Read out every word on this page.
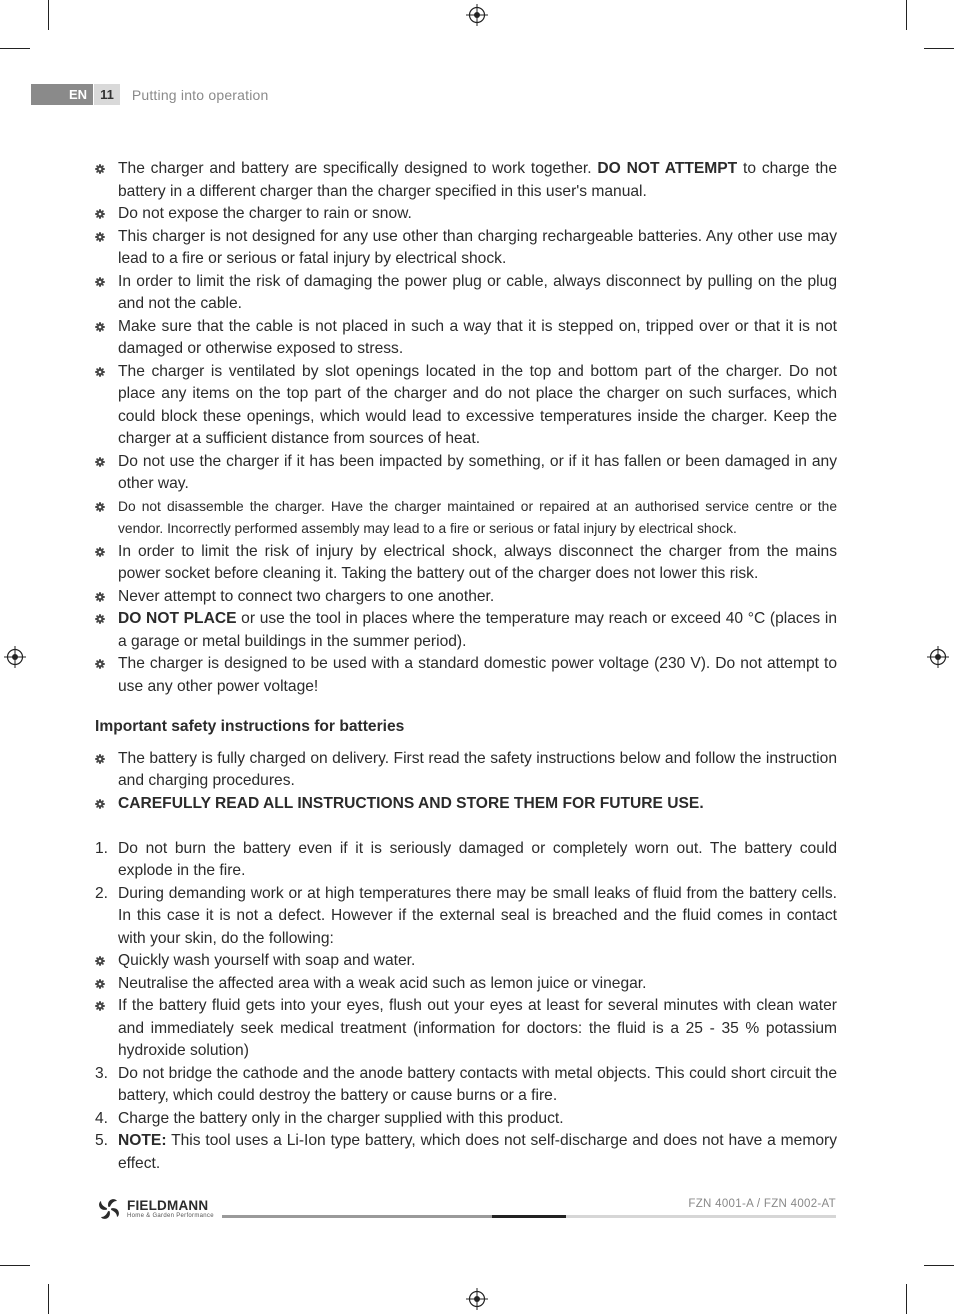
EN	11	Putting into operation
The charger and battery are specifically designed to work together. DO NOT ATTEMPT to charge the battery in a different charger than the charger specified in this user's manual.
Do not expose the charger to rain or snow.
This charger is not designed for any use other than charging rechargeable batteries. Any other use may lead to a fire or serious or fatal injury by electrical shock.
In order to limit the risk of damaging the power plug or cable, always disconnect by pulling on the plug and not the cable.
Make sure that the cable is not placed in such a way that it is stepped on, tripped over or that it is not damaged or otherwise exposed to stress.
The charger is ventilated by slot openings located in the top and bottom part of the charger. Do not place any items on the top part of the charger and do not place the charger on such surfaces, which could block these openings, which would lead to excessive temperatures inside the charger. Keep the charger at a sufficient distance from sources of heat.
Do not use the charger if it has been impacted by something, or if it has fallen or been damaged in any other way.
Do not disassemble the charger. Have the charger maintained or repaired at an authorised service centre or the vendor. Incorrectly performed assembly may lead to a fire or serious or fatal injury by electrical shock.
In order to limit the risk of injury by electrical shock, always disconnect the charger from the mains power socket before cleaning it. Taking the battery out of the charger does not lower this risk.
Never attempt to connect two chargers to one another.
DO NOT PLACE or use the tool in places where the temperature may reach or exceed 40 °C (places in a garage or metal buildings in the summer period).
The charger is designed to be used with a standard domestic power voltage (230 V). Do not attempt to use any other power voltage!
Important safety instructions for batteries
The battery is fully charged on delivery. First read the safety instructions below and follow the instruction and charging procedures.
CAREFULLY READ ALL INSTRUCTIONS AND STORE THEM FOR FUTURE USE.
1. Do not burn the battery even if it is seriously damaged or completely worn out. The battery could explode in the fire.
2. During demanding work or at high temperatures there may be small leaks of fluid from the battery cells. In this case it is not a defect. However if the external seal is breached and the fluid comes in contact with your skin, do the following:
Quickly wash yourself with soap and water.
Neutralise the affected area with a weak acid such as lemon juice or vinegar.
If the battery fluid gets into your eyes, flush out your eyes at least for several minutes with clean water and immediately seek medical treatment (information for doctors: the fluid is a 25 - 35 % potassium hydroxide solution)
3. Do not bridge the cathode and the anode battery contacts with metal objects. This could short circuit the battery, which could destroy the battery or cause burns or a fire.
4. Charge the battery only in the charger supplied with this product.
5. NOTE: This tool uses a Li-Ion type battery, which does not self-discharge and does not have a memory effect.
FIELDMANN
Home & Garden Performance
FZN 4001-A / FZN 4002-AT
